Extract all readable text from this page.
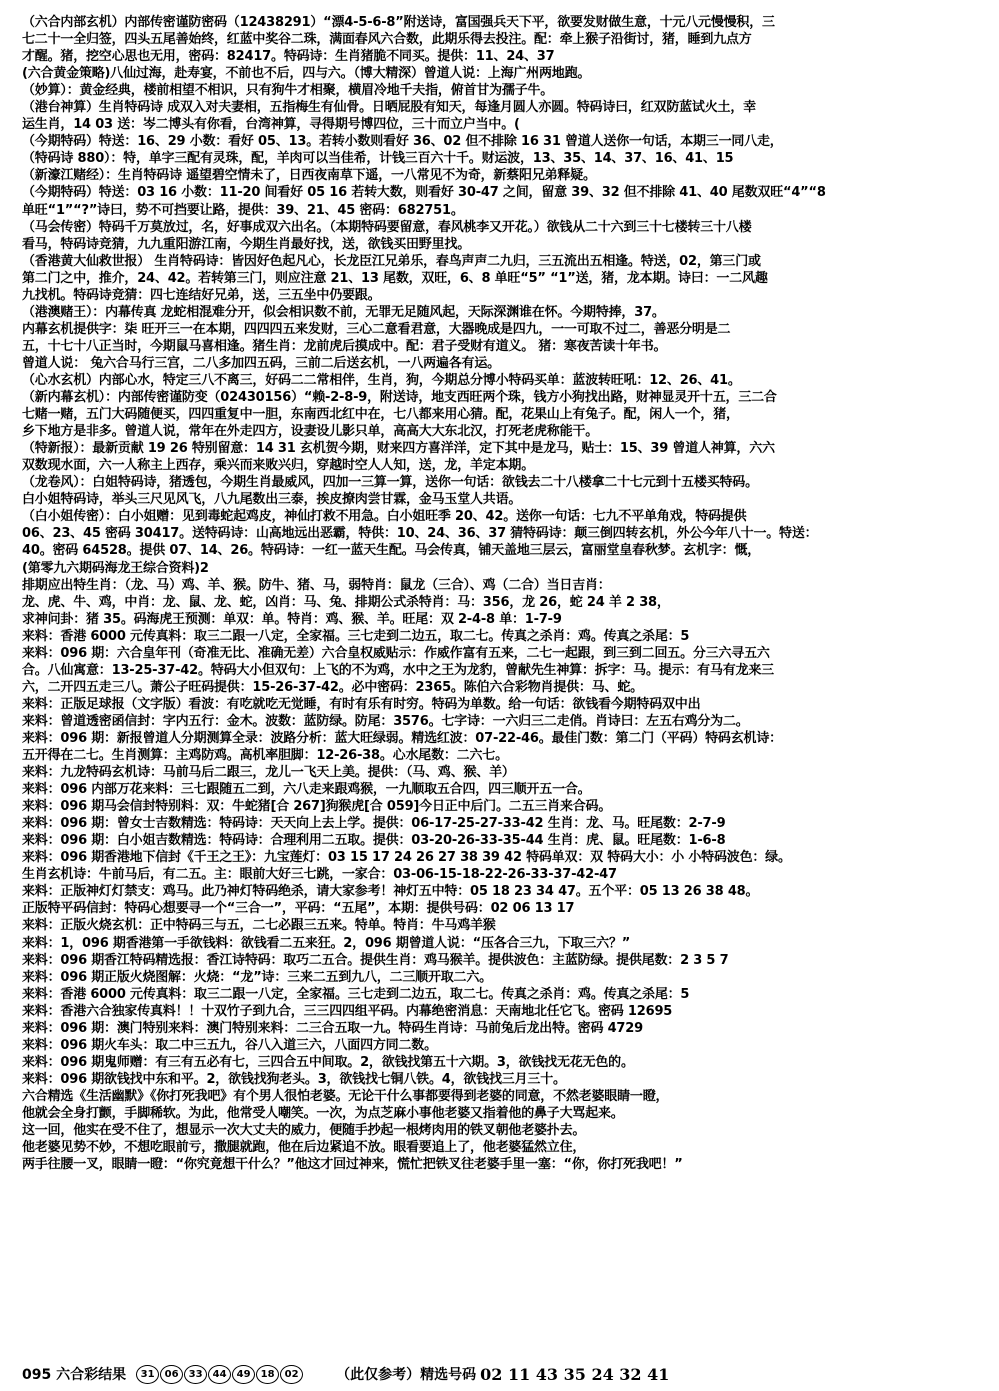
（六合内部玄机）内部传密谨防密码（12438291）“漂4-5-6-8”附送诗，富国强兵天下平，欲要发财做生意，十元八元慢慢积，三
七二十一全归签，四头五尾善始终，红蓝中奖谷二珠，满面春风六合数，此期乐得去投注。配：牵上猴子沿街讨，猪，睡到九点方
才醒。猪，挖空心思也无用，密码：82417。特码诗：生肖猪脆不同买。提供：11、24、37
(六合黄金策略)八仙过海，赴寿宴，不前也不后，四与六。（博大精深）曾道人说：上海广州两地跑。
（妙算）：黄金经典，楼前相望不相识，只有狗牛才相聚，横眉冷地千夫指，俯首甘为孺子牛。
（港台神算）生肖特码诗 成双入对夫妻相，五指梅生有仙骨。日晒屁股有知天，每逢月圆人亦圆。特码诗曰，红双防蓝试火土，幸
运生肖，14 03 送：岑二博头有你看，台湾神算，寻得期号博四位，三十而立户当中。(
（今期特码）特送：16、29 小数：看好 05、13。若转小数则看好 36、02 但不排除 16 31 曾道人送你一句话，本期三一同八走，
（特码诗 880）：特，单字三配有灵珠，配，羊肉可以当佳希，计钱三百六十千。财运波，13、35、14、37、16、41、15
（新濠江赌经）：生肖特码诗 遥望碧空情未了，日西夜南草下遥，一八常见不为奇，新蔡阳兄弟释疑。
（今期特码）特送：03 16 小数：11-20 间看好 05 16 若转大数，则看好 30-47 之间，留意 39、32 但不排除 41、40 尾数双旺“4”“8
单旺“1”“?”诗曰，势不可挡要让路，提供：39、21、45 密码：682751。
（马会传密）特码千万莫放过，名，好事成双六出名。（本期特码要留意，春风桃李又开花。）欲钱从二十六到三十七楼转三十八楼
看马，特码诗竞猜，九九重阳游江南，今期生肖最好找，送，欲钱买田野里找。
（香港黄大仙救世报） 生肖特码诗：皆因好色起凡心，长龙臣江兄弟乐，春鸟声声二九归，三五流出五相逢。特送，02，第三门或
第二门之中，推介，24、42。若转第三门，则应注意 21、13 尾数，双旺，6、8 单旺“5” “1”送，猪，龙本期。诗曰：一二风趣
九找机。特码诗竞猜：四七连结好兄弟，送，三五坐中仍要跟。
（港澳赌王）：内幕传真 龙蛇相混难分开，似会相识数不前，无罪无足随风起，天际深渊谁在怀。今期特捧，37。
内幕玄机提供字：柒 旺开三一在本期，四四四五来发财，三心二意看君意，大器晚成是四九，一一可取不过二，善恶分明是二
五，十七十八正当时，今期鼠马喜相逢。猪生肖：龙前虎后摸成中。配：君子受财有道义。 猪：寒夜苦读十年书。
曾道人说： 兔六合马行三宫，二八多加四五码，三前二后送玄机，一八两遍各有运。
（心水玄机）内部心水，特定三八不离三，好码二二常相伴，生肖，狗，今期总分博小特码买单：蓝波转旺吼：12、26、41。
（新内幕玄机）：内部传密谨防变（02430156）“赖-2-8-9，附送诗，地支西旺两个珠，钱方小狗找出路，财神显灵开十五，三二合
七赌一赌，五门大码随便买，四四重复中一胆，东南西北红中在，七八都来用心猜。配，花果山上有兔子。配，闲人一个，猪，
乡下地方是非多。曾道人说，常年在外走四方，设妻设儿影只单，高高大大东北汉，打死老虎称能干。
（特新报）：最新贡献 19 26 特别留意：14 31 玄机贺今期，财来四方喜洋洋，定下其中是龙马，贴士：15、39 曾道人神算，六六
双数现水面，六一人称主上西存，乘兴而来败兴归，穿越时空人人知，送，龙，羊定本期。
（龙卷风）：白姐特码诗，猪透包，今期生肖最威风，四加一三算一算，送你一句话：欲钱去二十八楼拿二十七元到十五楼买特码。
白小姐特码诗，举头三尺见风飞，八九尾数出三泰，挨皮撩肉尝甘霖，金马玉堂人共语。
（白小姐传密）：白小姐赠：见到毒蛇起鸡皮，神仙打救不用急。白小姐旺季 20、42。送你一句话：七九不平单角戏，特码提供
06、23、45 密码 30417。送特码诗：山高地远出恶霸，特供：10、24、36、37 猜特码诗：颠三倒四转玄机，外公今年八十一。特送：
40。密码 64528。提供 07、14、26。特码诗：一红一蓝天生配。马会传真，铺天盖地三层云，富丽堂皇春秋梦。玄机字：慨，
(第零九六期码海龙王综合资料)2
排期应出特生肖：（龙、马）鸡、羊、猴。防牛、猪、马，弱特肖：鼠龙（三合）、鸡（二合）当日吉肖：
龙、虎、牛、鸡，中肖：龙、鼠、龙、蛇，凶肖：马、兔、排期公式杀特肖：马：356，龙 26，蛇 24 羊 2 38，
求神问卦：猪 35。码海虎王预测：单双：单。特肖：鸡、猴、羊。旺尾：双 2-4-8 单：1-7-9
来料：香港 6000 元传真料：取三二跟一八定，全家福。三七走到二边五，取二七。传真之杀肖：鸡。传真之杀尾：5
来料：096 期：六合皇年刊（奇准无比、准确无差）六合皇权威贴示：作威作富有五来，二七一起跟，到三到二回五。分三六寻五六
合。八仙寓意：13-25-37-42。特码大小但双句：上飞的不为鸡，水中之王为龙豹，曾献先生神算：拆字：马。提示：有马有龙来三
六，二开四五走三八。萧公子旺码提供：15-26-37-42。必中密码：2365。陈伯六合彩物肖提供：马、蛇。
来料：正版足球报（文字版）看波：有吃就吃无觉睡，有时有乐有时穷。特码为单数。给一句话：欲钱看今期特码双中出
来料：曾道透密函信封：字内五行：金木。波数：蓝防绿。防尾：3576。七字诗：一六归三二走俏。肖诗曰：左五右鸡分为二。
来料：096 期：新报曾道人分期测算全录：波路分析：蓝大旺绿弱。精选红波：07-22-46。最佳门数：第二门（平码）特码玄机诗：
五开得在二七。生肖测算：主鸡防鸡。高机率胆脚：12-26-38。心水尾数：二六七。
来料：九龙特码玄机诗：马前马后二跟三，龙儿一飞天上美。提供：（马、鸡、猴、羊）
来料：096 内部万花来料：三七跟随五二到，六八走来跟鸡猴，一九顺取五合四，四三顺开五一合。
来料：096 期马会信封特别料：双：牛蛇猪[合 267]狗猴虎[合 059]今日正中后门。二五三肖来合码。
来料：096 期：曾女士吉数精选：特码诗：天天向上去上学。提供：06-17-25-27-33-42 生肖：龙、马。旺尾数：2-7-9
来料：096 期：白小姐吉数精选：特码诗：合理利用二五取。提供：03-20-26-33-35-44 生肖：虎、鼠。旺尾数：1-6-8
来料：096 期香港地下信封《千王之王》：九宝莲灯：03 15 17 24 26 27 38 39 42 特码单双：双 特码大小：小 小特码波色：绿。
生肖玄机诗：牛前马后，有二五。主：眼前大好三七跳，一家合：03-06-15-18-22-26-33-37-42-47
来料：正版神灯灯禁支：鸡马。此乃神灯特码绝杀，请大家参考！神灯五中特：05 18 23 34 47。五个平：05 13 26 38 48。
正版特平码信封：特码心想要寻一个“三合一”，平码：“五尾”，本期：提供号码：02 06 13 17
来料：正版火烧玄机：正中特码三与五，二七必跟三五来。特单。特肖：牛马鸡羊猴
来料：1，096 期香港第一手欲钱料：欲钱看二五来狂。2，096 期曾道人说：“压各合三九，下取三六？”
来料：096 期香江特码精选报：香江诗特码：取巧二五合。提供生肖：鸡马猴羊。提供波色：主蓝防绿。提供尾数：2 3 5 7
来料：096 期正版火烧图解：火烧：“龙”诗：三来二五到九八，二三顺开取二六。
来料：香港 6000 元传真料：取三二跟一八定，全家福。三七走到二边五，取二七。传真之杀肖：鸡。传真之杀尾：5
来料：香港六合独家传真料！！十双竹子到九合，三三四四组平码。内幕绝密消息：天南地北任它飞。密码 12695
来料：096 期：澳门特别来料：澳门特别来料：二三合五取一九。特码生肖诗：马前兔后龙出特。密码 4729
来料：096 期火车头：取二中三五九，谷八入道三六，八面四方同二数。
来料：096 期鬼师赠：有三有五必有七，三四合五中间取。2，欲钱找第五十六期。3，欲钱找无花无色的。
来料：096 期欲钱找中东和平。2，欲钱找狗老头。3，欲钱找七铜八铁。4，欲钱找三月三十。
六合精选《生活幽默》《你打死我吧》有个男人很怕老婆。无论干什么事都要得到老婆的同意，不然老婆眼睛一瞪，
他就会全身打颤，手脚稀软。为此，他常受人嘲笑。一次，为点芝麻小事他老婆又指着他的鼻子大骂起来。
这一回，他实在受不住了，想显示一次大丈夫的威力，便随手抄起一根烤肉用的铁叉朝他老婆扑去。
他老婆见势不妙，不想吃眼前亏，撒腿就跑，他在后边紧追不放。眼看要追上了，他老婆猛然立住，
两手往腰一叉，眼睛一瞪：“你究竟想干什么？”他这才回过神来，慌忙把铁叉往老婆手里一塞：“你，你打死我吧！”
095 六合彩结果	31	06	33	44	49	18	02	（此仅参考） 精选号码 02 11 43 35 24 32 41
